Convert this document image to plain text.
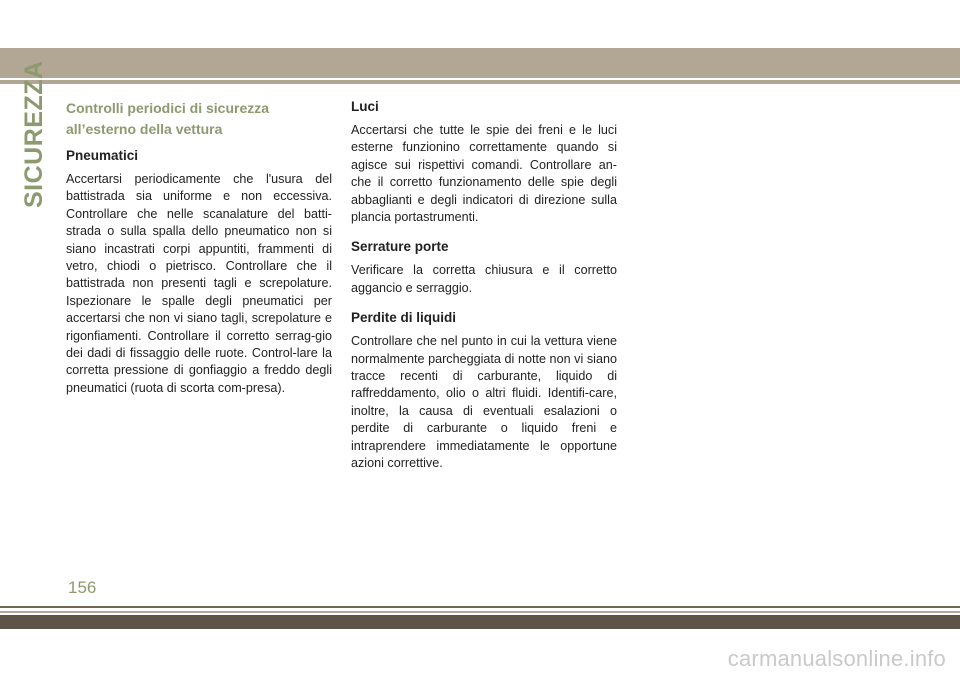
SICUREZZA Controlli periodici di sicurezza all’esterno della vettura
Pneumatici

Accertarsi periodicamente che l'usura del battistrada sia uniforme e non eccessiva. Controllare che nelle scanalature del batti-strada o sulla spalla dello pneumatico non si siano incastrati corpi appuntiti, frammenti di vetro, chiodi o pietrisco. Controllare che il battistrada non presenti tagli e screpolature. Ispezionare le spalle degli pneumatici per accertarsi che non vi siano tagli, screpolature e rigonfiamenti. Controllare il corretto serrag-gio dei dadi di fissaggio delle ruote. Control-lare la corretta pressione di gonfiaggio a freddo degli pneumatici (ruota di scorta com-presa).

Luci

Accertarsi che tutte le spie dei freni e le luci esterne funzionino correttamente quando si agisce sui rispettivi comandi. Controllare an-che il corretto funzionamento delle spie degli abbaglianti e degli indicatori di direzione sulla plancia portastrumenti.

Serrature porte

Verificare la corretta chiusura e il corretto aggancio e serraggio.

Perdite di liquidi

Controllare che nel punto in cui la vettura viene normalmente parcheggiata di notte non vi siano tracce recenti di carburante, liquido di raffreddamento, olio o altri fluidi. Identifi-care, inoltre, la causa di eventuali esalazioni o perdite di carburante o liquido freni e intraprendere immediatamente le opportune azioni correttive.

156
carmanualsonline.info
